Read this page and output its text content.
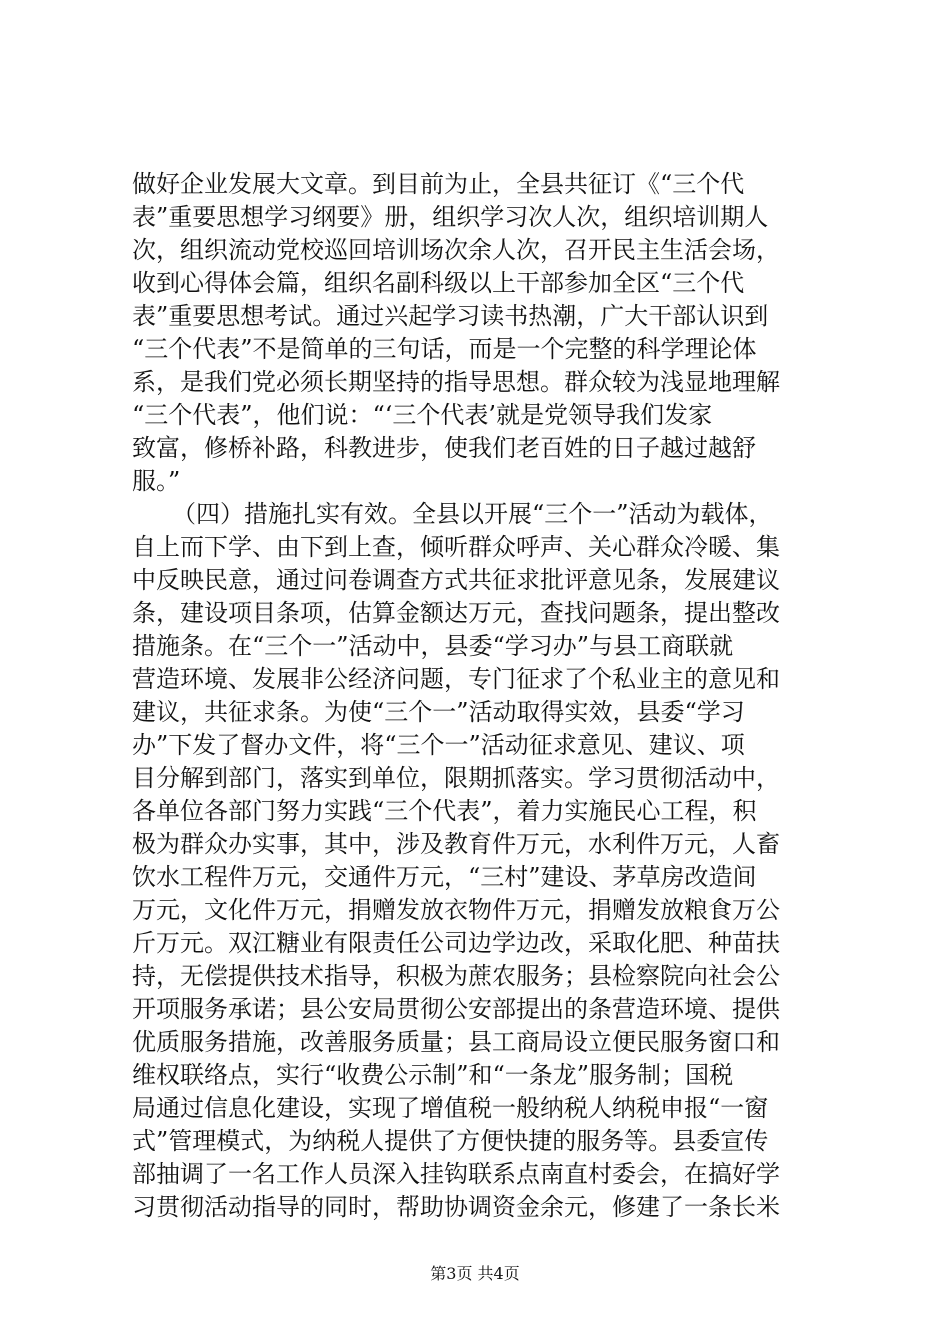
做好企业发展大文章。到目前为止，全县共征订《“三个代
表”重要思想学习纲要》册，组织学习次人次，组织培训期人
次，组织流动党校巡回培训场次余人次，召开民主生活会场，
收到心得体会篇，组织名副科级以上干部参加全区“三个代
表”重要思想考试。通过兴起学习读书热潮，广大干部认识到
“三个代表”不是简单的三句话，而是一个完整的科学理论体
系，是我们党必须长期坚持的指导思想。群众较为浅显地理解
“三个代表”，他们说：“‘三个代表’就是党领导我们发家
致富，修桥补路，科教进步，使我们老百姓的日子越过越舒
服。”
（四）措施扎实有效。全县以开展“三个一”活动为载体，
自上而下学、由下到上查，倾听群众呼声、关心群众冷暖、集
中反映民意，通过问卷调查方式共征求批评意见条，发展建议
条，建设项目条项，估算金额达万元，查找问题条，提出整改
措施条。在“三个一”活动中，县委“学习办”与县工商联就
营造环境、发展非公经济问题，专门征求了个私业主的意见和
建议，共征求条。为使“三个一”活动取得实效，县委“学习
办”下发了督办文件，将“三个一”活动征求意见、建议、项
目分解到部门，落实到单位，限期抓落实。学习贯彻活动中，
各单位各部门努力实践“三个代表”，着力实施民心工程，积
极为群众办实事，其中，涉及教育件万元，水利件万元，人畜
饮水工程件万元，交通件万元，“三村”建设、茅草房改造间
万元，文化件万元，捐赠发放衣物件万元，捐赠发放粮食万公
斤万元。双江糖业有限责任公司边学边改，采取化肥、种苗扶
持，无偿提供技术指导，积极为蔗农服务；县检察院向社会公
开项服务承诺；县公安局贯彻公安部提出的条营造环境、提供
优质服务措施，改善服务质量；县工商局设立便民服务窗口和
维权联络点，实行“收费公示制”和“一条龙”服务制；国税
局通过信息化建设，实现了增值税一般纳税人纳税申报“一窗
式”管理模式，为纳税人提供了方便快捷的服务等。县委宣传
部抽调了一名工作人员深入挂钩联系点南直村委会，在搞好学
习贯彻活动指导的同时，帮助协调资金余元，修建了一条长米
第3页 共4页
